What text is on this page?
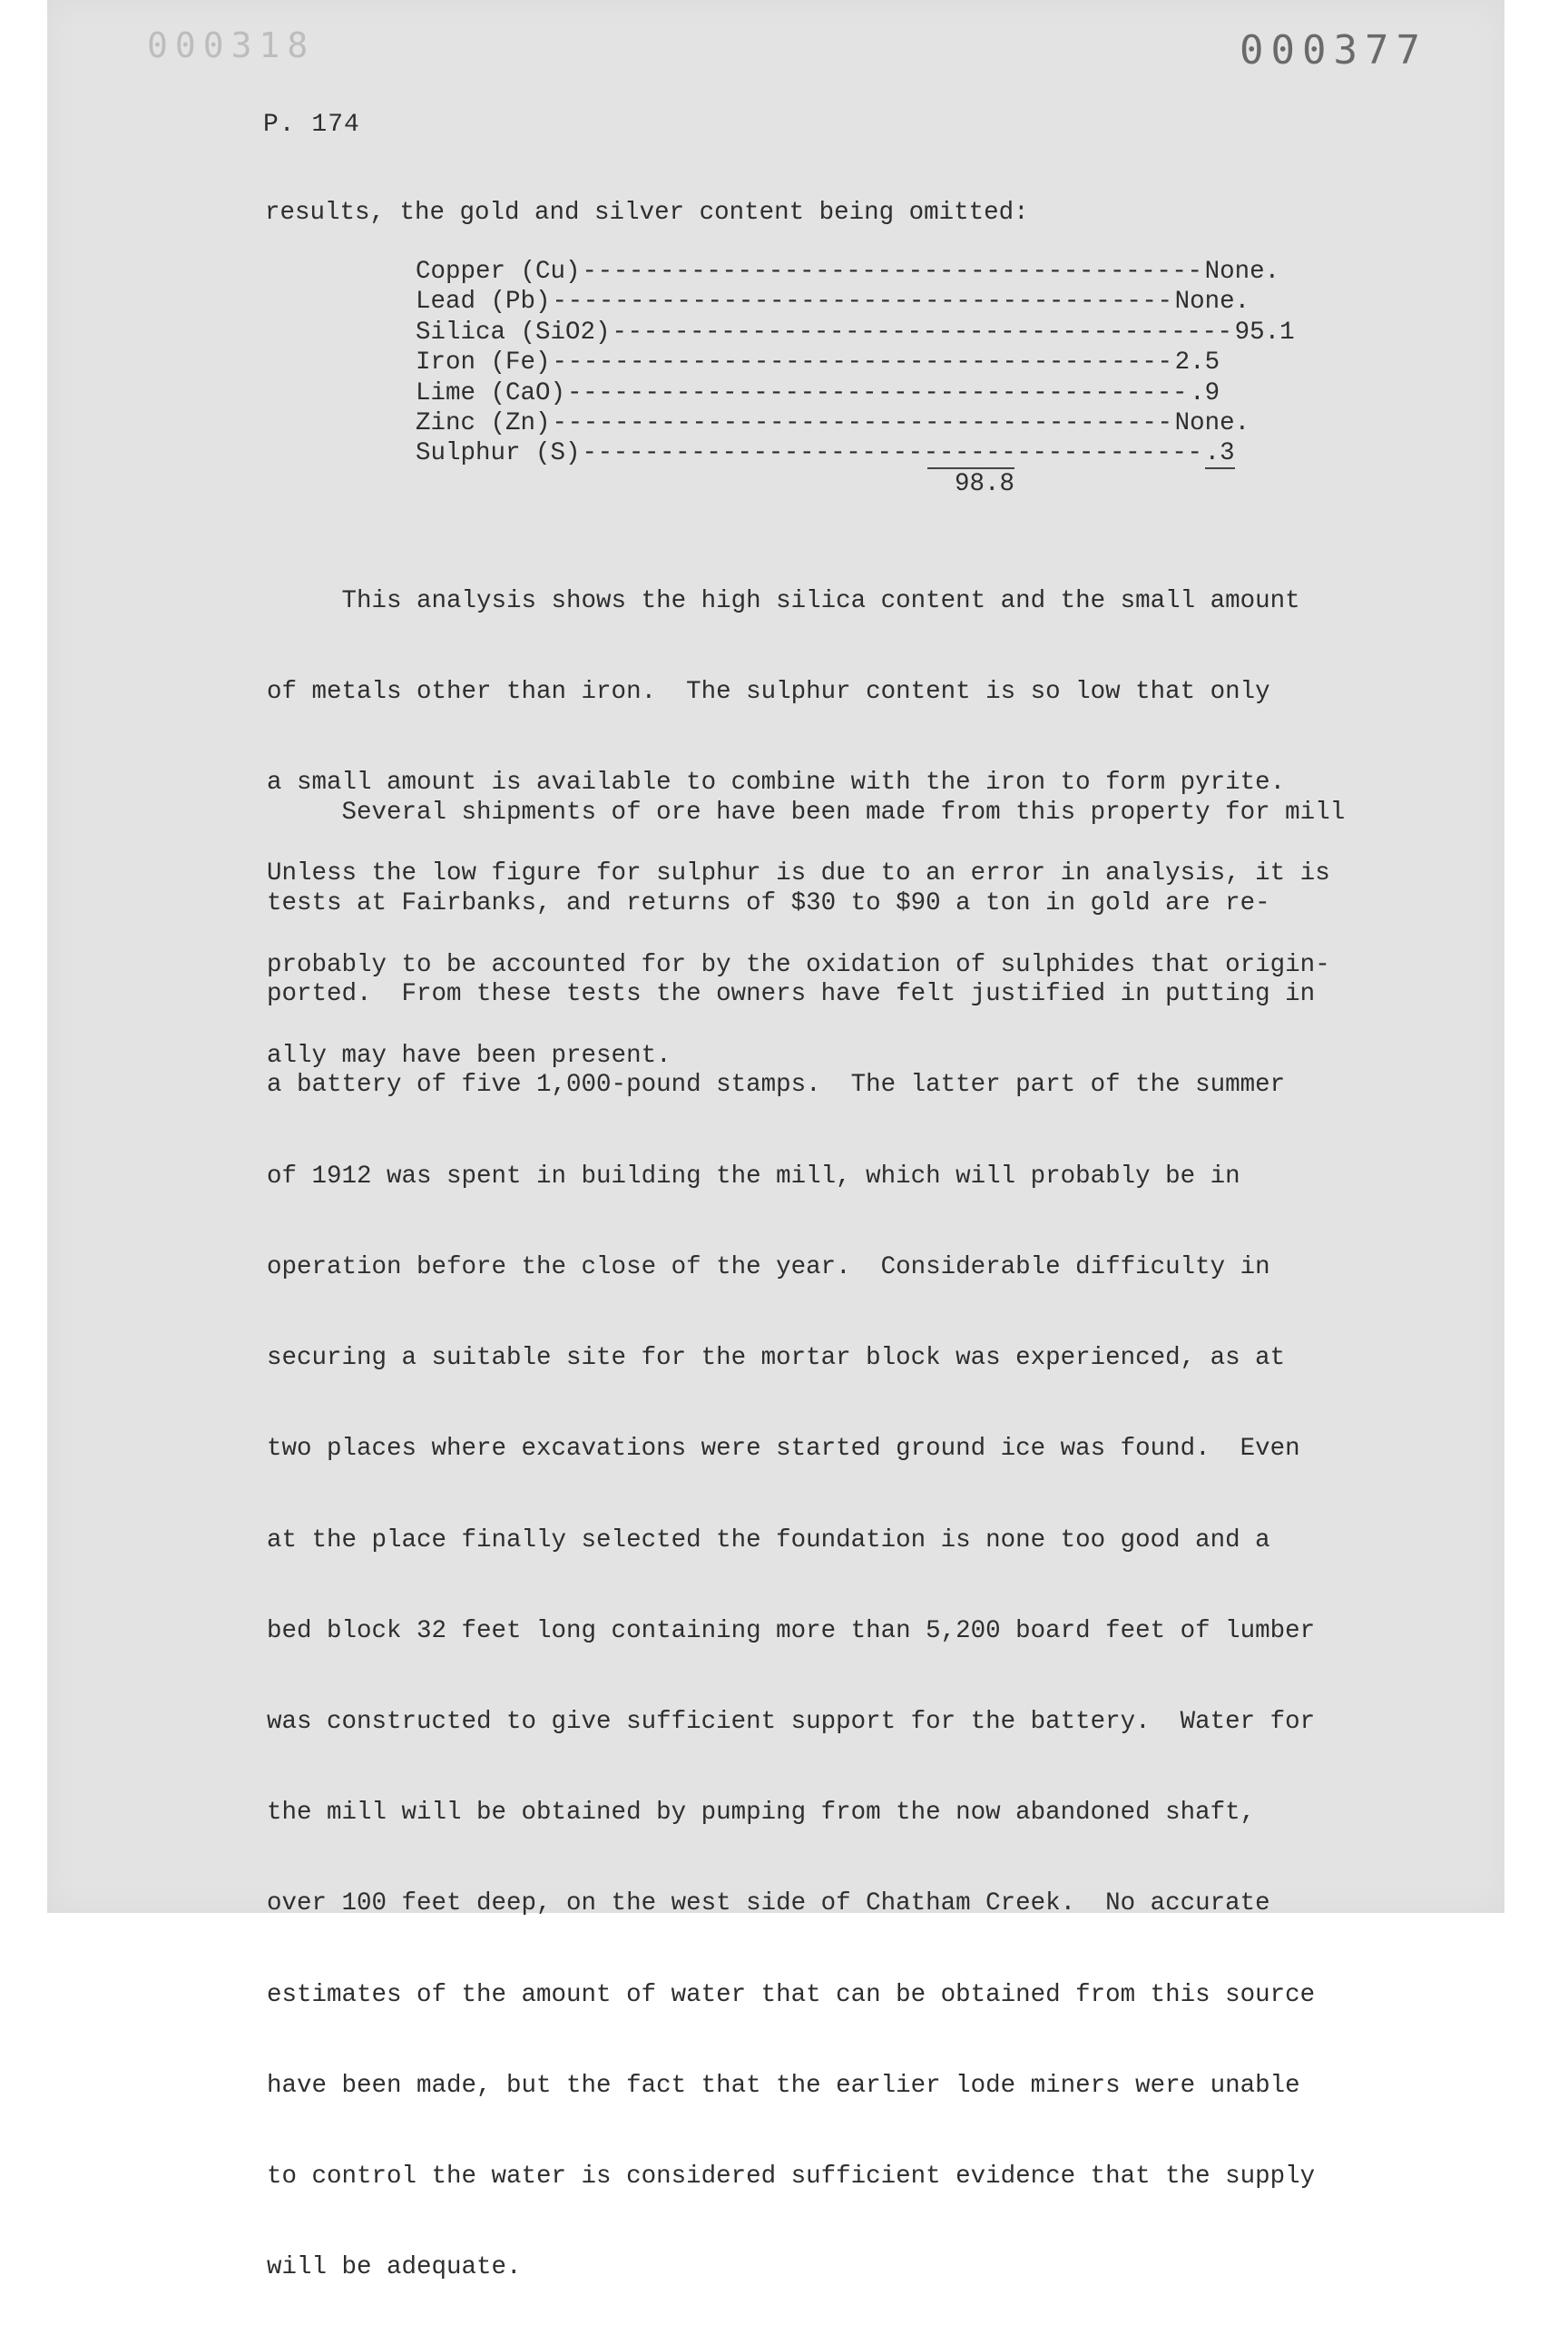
000318	000377
P. 174
results, the gold and silver content being omitted:
Copper (Cu) ---------------------------------------- None.
Lead (Pb) ---------------------------------------- None.
Silica (SiO2) ---------------------------------------- 95.1
Iron (Fe) ---------------------------------------- 2.5
Lime (CaO) ---------------------------------------- .9
Zinc (Zn) ---------------------------------------- None.
Sulphur (S) ---------------------------------------- .3
98.8

This analysis shows the high silica content and the small amount

of metals other than iron.  The sulphur content is so low that only

a small amount is available to combine with the iron to form pyrite.

Unless the low figure for sulphur is due to an error in analysis, it is

probably to be accounted for by the oxidation of sulphides that origin-

ally may have been present.

Several shipments of ore have been made from this property for mill

tests at Fairbanks, and returns of $30 to $90 a ton in gold are re-

ported.  From these tests the owners have felt justified in putting in

a battery of five 1,000-pound stamps.  The latter part of the summer

of 1912 was spent in building the mill, which will probably be in

operation before the close of the year.  Considerable difficulty in

securing a suitable site for the mortar block was experienced, as at

two places where excavations were started ground ice was found.  Even

at the place finally selected the foundation is none too good and a

bed block 32 feet long containing more than 5,200 board feet of lumber

was constructed to give sufficient support for the battery.  Water for

the mill will be obtained by pumping from the now abandoned shaft,

over 100 feet deep, on the west side of Chatham Creek.  No accurate

estimates of the amount of water that can be obtained from this source

have been made, but the fact that the earlier lode miners were unable

to control the water is considered sufficient evidence that the supply

will be adequate.
